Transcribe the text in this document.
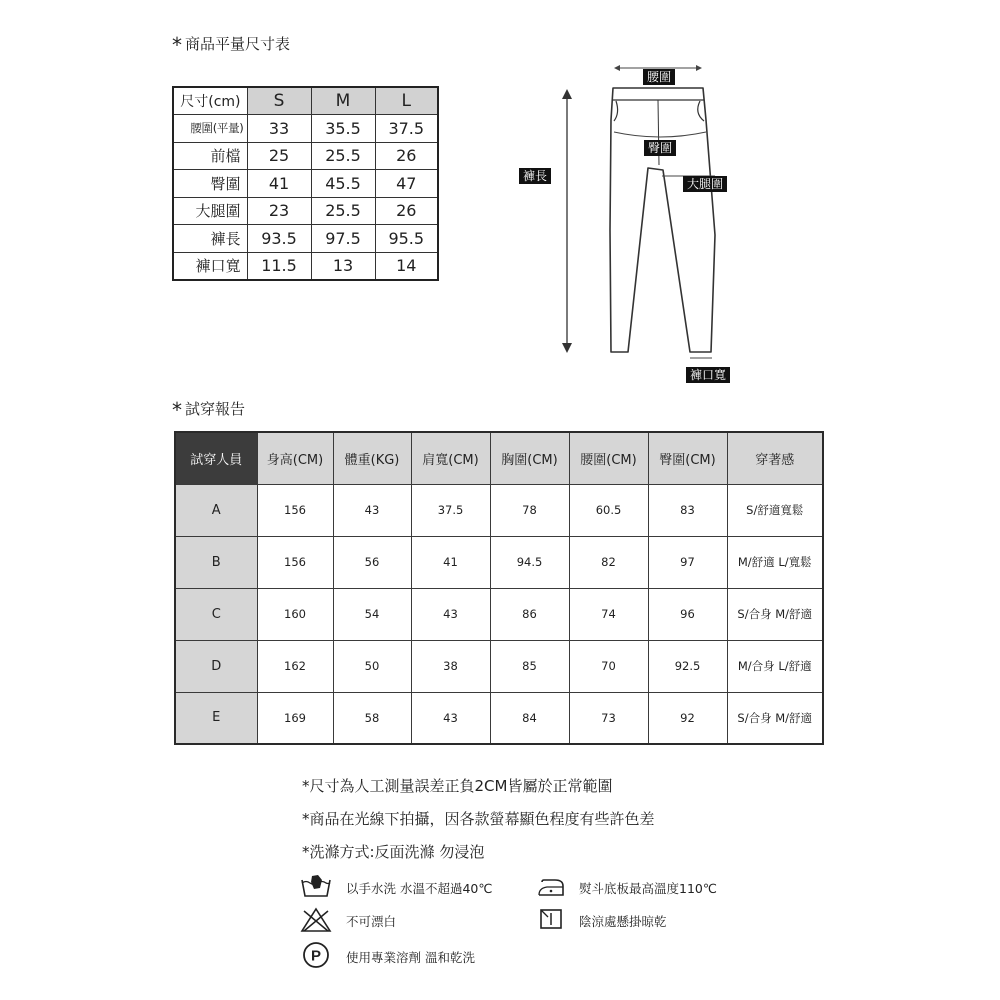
* 商品平量尺寸表
尺寸(cm)	S	M	L
腰圍(平量)	33	35.5	37.5
前檔	25	25.5	26
臀圍	41	45.5	47
大腿圍	23	25.5	26
褲長	93.5	97.5	95.5
褲口寬	11.5	13	14
腰圍
臀圍
褲長
大腿圍
褲口寬
* 試穿報告
試穿人員	身高(CM)	體重(KG)	肩寬(CM)	胸圍(CM)	腰圍(CM)	臀圍(CM)	穿著感
A	156	43	37.5	78	60.5	83	S/舒適寬鬆
B	156	56	41	94.5	82	97	M/舒適 L/寬鬆
C	160	54	43	86	74	96	S/合身 M/舒適
D	162	50	38	85	70	92.5	M/合身 L/舒適
E	169	58	43	84	73	92	S/合身 M/舒適
*尺寸為人工測量誤差正負2CM皆屬於正常範圍
*商品在光線下拍攝，因各款螢幕顯色程度有些許色差
*洗滌方式:反面洗滌 勿浸泡
以手水洗 水溫不超過40℃	熨斗底板最高溫度110℃
不可漂白	陰涼處懸掛晾乾
P 使用專業溶劑 溫和乾洗
